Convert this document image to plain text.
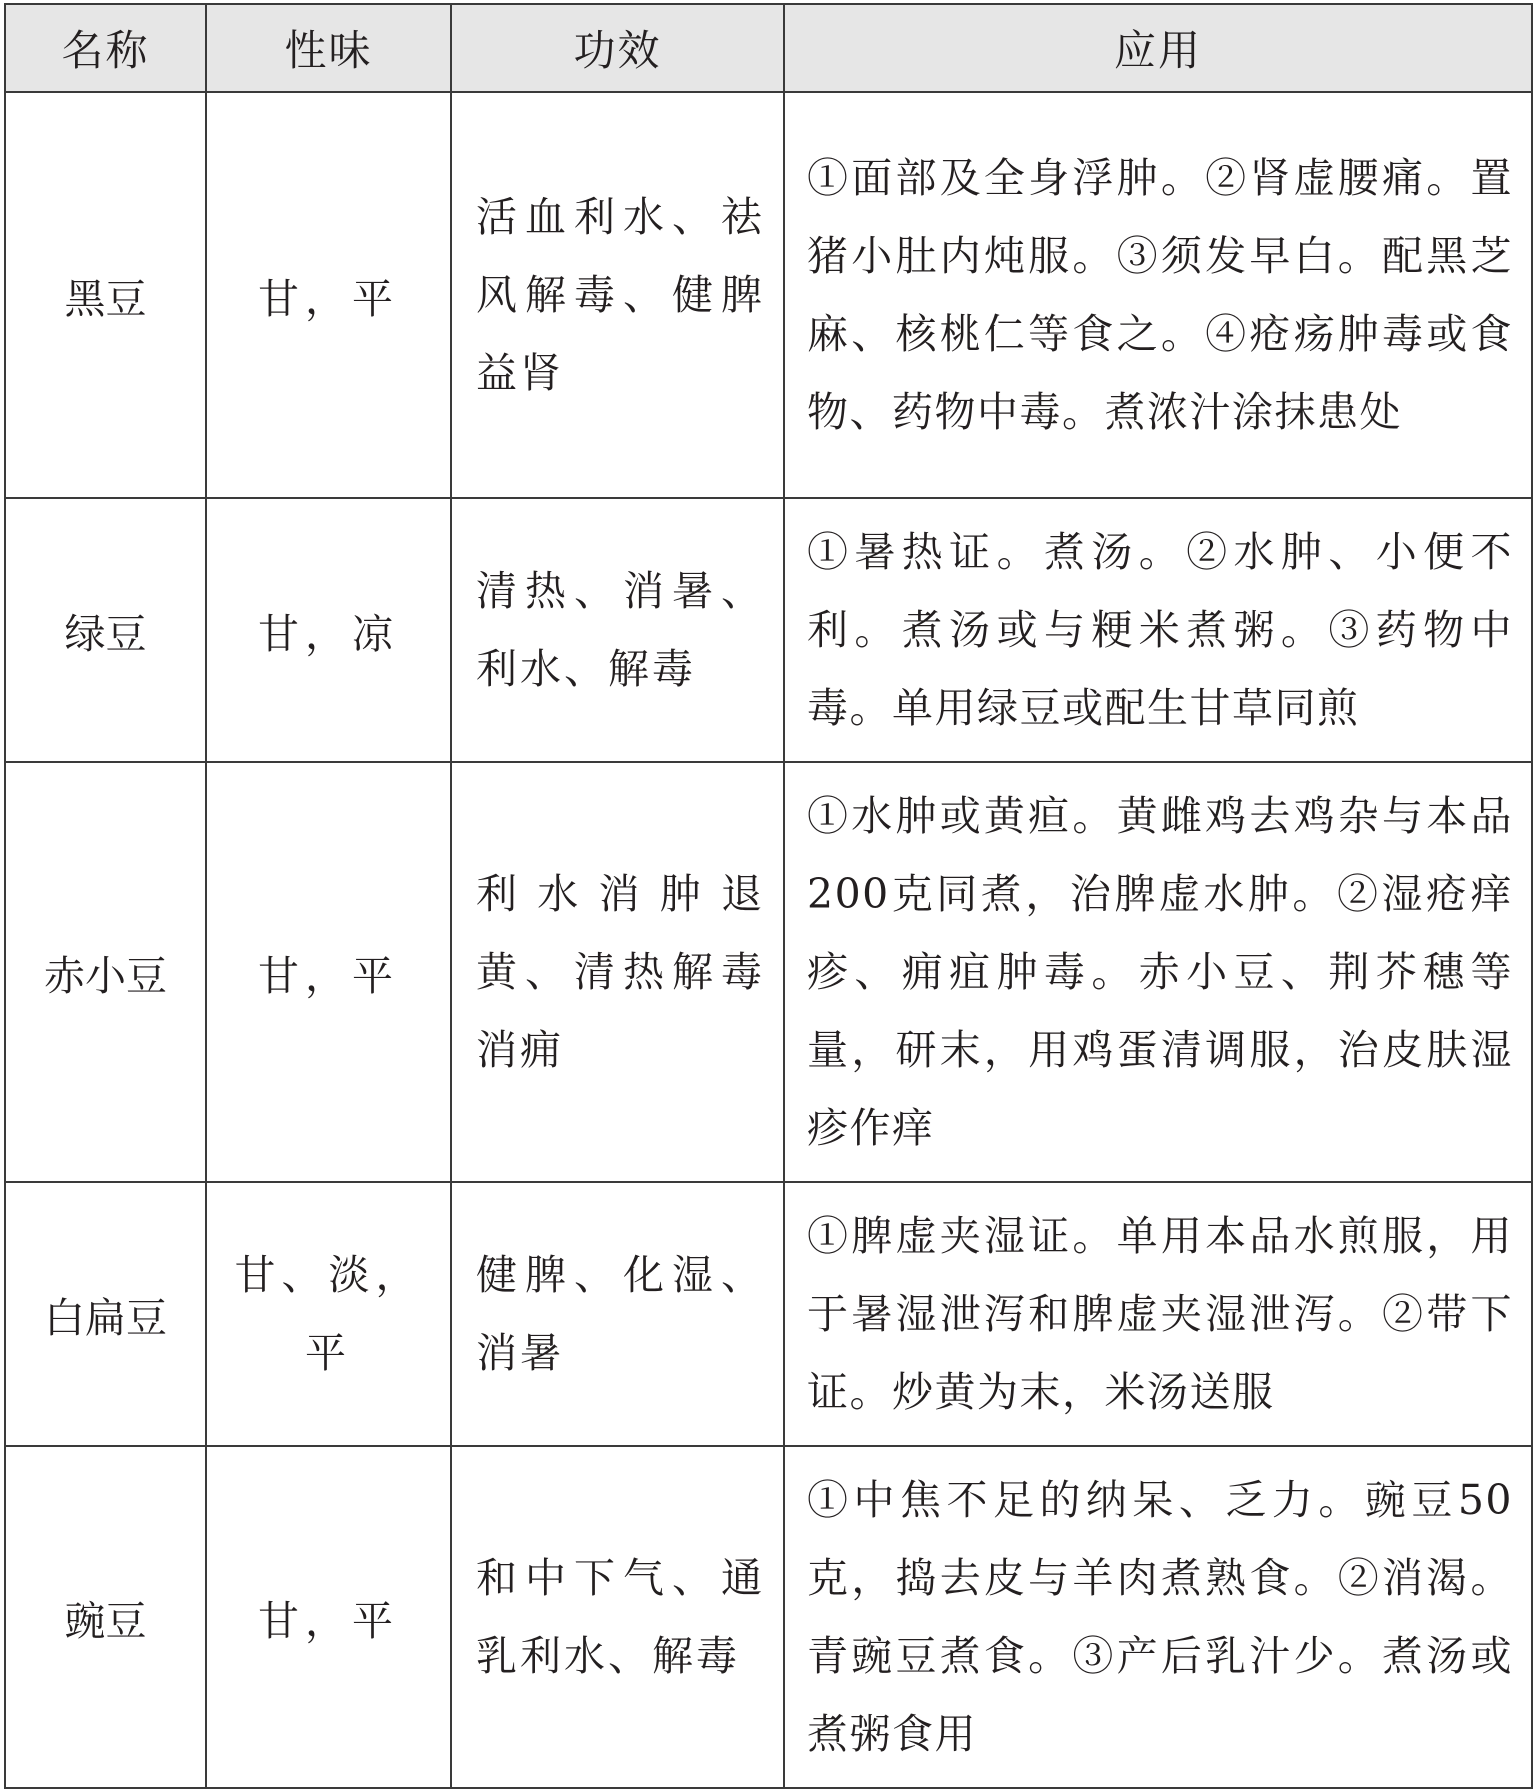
名称	性味	功效	应用
黑豆	甘，平	活血利水、祛风解毒、健脾益肾	①面部及全身浮肿。②肾虚腰痛。置猪小肚内炖服。③须发早白。配黑芝麻、核桃仁等食之。④疮疡肿毒或食物、药物中毒。煮浓汁涂抹患处
绿豆	甘，凉	清热、消暑、利水、解毒	①暑热证。煮汤。②水肿、小便不利。煮汤或与粳米煮粥。③药物中毒。单用绿豆或配生甘草同煎
赤小豆	甘，平	利水消肿退黄、清热解毒消痈	①水肿或黄疸。黄雌鸡去鸡杂与本品200克同煮，治脾虚水肿。②湿疮痒疹、痈疽肿毒。赤小豆、荆芥穗等量，研末，用鸡蛋清调服，治皮肤湿疹作痒
白扁豆	甘、淡，平	健脾、化湿、消暑	①脾虚夹湿证。单用本品水煎服，用于暑湿泄泻和脾虚夹湿泄泻。②带下证。炒黄为末，米汤送服
豌豆	甘，平	和中下气、通乳利水、解毒	①中焦不足的纳呆、乏力。豌豆50克，捣去皮与羊肉煮熟食。②消渴。青豌豆煮食。③产后乳汁少。煮汤或煮粥食用
